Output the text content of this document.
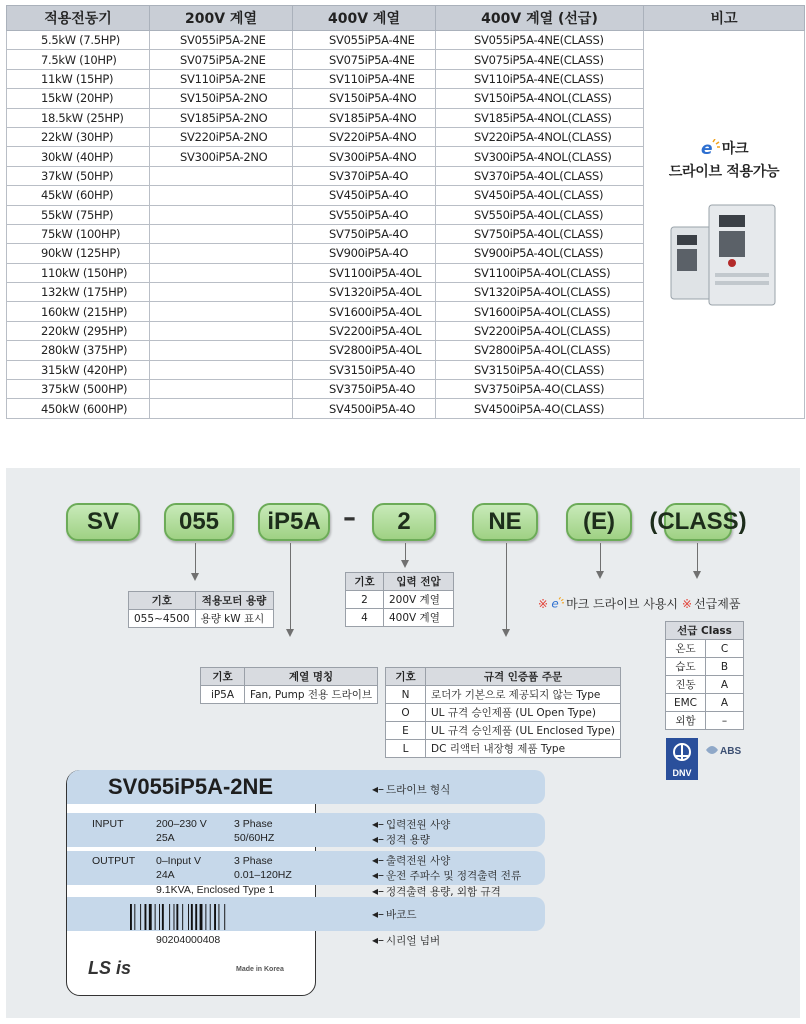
적용전동기	200V 계열	400V 계열	400V 계열 (선급)	비고
5.5kW (7.5HP)	SV055iP5A-2NE	SV055iP5A-4NE	SV055iP5A-4NE(CLASS)	e 마크
드라이브 적용가능

7.5kW (10HP)	SV075iP5A-2NE	SV075iP5A-4NE	SV075iP5A-4NE(CLASS)	
11kW (15HP)	SV110iP5A-2NE	SV110iP5A-4NE	SV110iP5A-4NE(CLASS)	
15kW (20HP)	SV150iP5A-2NO	SV150iP5A-4NO	SV150iP5A-4NOL(CLASS)	
18.5kW (25HP)	SV185iP5A-2NO	SV185iP5A-4NO	SV185iP5A-4NOL(CLASS)	
22kW (30HP)	SV220iP5A-2NO	SV220iP5A-4NO	SV220iP5A-4NOL(CLASS)	
30kW (40HP)	SV300iP5A-2NO	SV300iP5A-4NO	SV300iP5A-4NOL(CLASS)	
37kW (50HP)		SV370iP5A-4O	SV370iP5A-4OL(CLASS)	
45kW (60HP)		SV450iP5A-4O	SV450iP5A-4OL(CLASS)	
55kW (75HP)		SV550iP5A-4O	SV550iP5A-4OL(CLASS)	
75kW (100HP)		SV750iP5A-4O	SV750iP5A-4OL(CLASS)	
90kW (125HP)		SV900iP5A-4O	SV900iP5A-4OL(CLASS)	
110kW (150HP)		SV1100iP5A-4OL	SV1100iP5A-4OL(CLASS)	
132kW (175HP)		SV1320iP5A-4OL	SV1320iP5A-4OL(CLASS)	
160kW (215HP)		SV1600iP5A-4OL	SV1600iP5A-4OL(CLASS)	
220kW (295HP)		SV2200iP5A-4OL	SV2200iP5A-4OL(CLASS)	
280kW (375HP)		SV2800iP5A-4OL	SV2800iP5A-4OL(CLASS)	
315kW (420HP)		SV3150iP5A-4O	SV3150iP5A-4O(CLASS)	
375kW (500HP)		SV3750iP5A-4O	SV3750iP5A-4O(CLASS)	
450kW (600HP)		SV4500iP5A-4O	SV4500iP5A-4O(CLASS)	
SV	055	iP5A –	2	NE	(E)	(CLASS)
기호	적용모터 용량
055~4500	용량 kW 표시
기호	입력 전압
2	200V 계열
4	400V 계열
기호	계열 명칭
iP5A	Fan, Pump 전용 드라이브
기호	규격 인증품 주문
N	로더가 기본으로 제공되지 않는 Type
O	UL 규격 승인제품 (UL Open Type)
E	UL 규격 승인제품 (UL Enclosed Type)
L	DC 리액터 내장형 제품 Type
※ e 마크 드라이브 사용시 ※ 선급제품
선급 Class	
온도	C
습도	B
진동	A
EMC	A
외함	–
DNV
ABS
SV055iP5A-2NE
INPUT	200–230 V	3 Phase
25A	50/60HZ
OUTPUT 0–Input V	3 Phase
24A	0.01–120HZ
9.1KVA, Enclosed Type 1
90204000408
LS is	Made in Korea
◂– 드라이브 형식
◂– 입력전원 사양
◂– 정격 용량
◂– 출력전원 사양
◂– 운전 주파수 및 정격출력 전류
◂– 정격출력 용량, 외함 규격
◂– 바코드
◂– 시리얼 넘버
